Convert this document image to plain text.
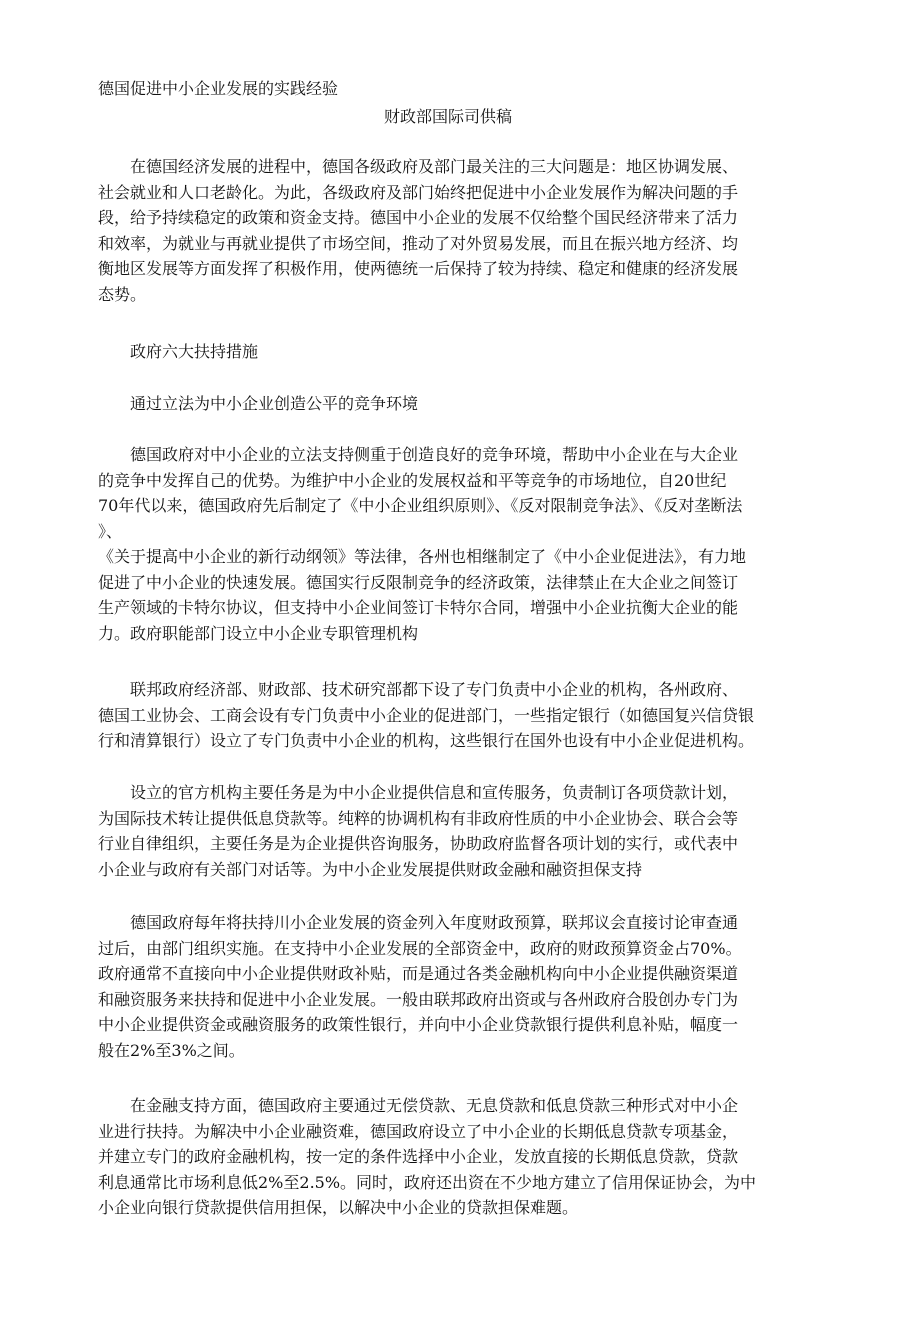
德国促进中小企业发展的实践经验
财政部国际司供稿
　　在德国经济发展的进程中，德国各级政府及部门最关注的三大问题是：地区协调发展、
社会就业和人口老龄化。为此，各级政府及部门始终把促进中小企业发展作为解决问题的手
段，给予持续稳定的政策和资金支持。德国中小企业的发展不仅给整个国民经济带来了活力
和效率，为就业与再就业提供了市场空间，推动了对外贸易发展，而且在振兴地方经济、均
衡地区发展等方面发挥了积极作用，使两德统一后保持了较为持续、稳定和健康的经济发展
态势。
政府六大扶持措施
通过立法为中小企业创造公平的竞争环境
　　德国政府对中小企业的立法支持侧重于创造良好的竞争环境，帮助中小企业在与大企业
的竞争中发挥自己的优势。为维护中小企业的发展权益和平等竞争的市场地位，自20世纪
70年代以来，德国政府先后制定了《中小企业组织原则》、《反对限制竞争法》、《反对垄断法
》、
《关于提高中小企业的新行动纲领》等法律，各州也相继制定了《中小企业促进法》，有力地
促进了中小企业的快速发展。德国实行反限制竞争的经济政策，法律禁止在大企业之间签订
生产领域的卡特尔协议，但支持中小企业间签订卡特尔合同，增强中小企业抗衡大企业的能
力。政府职能部门设立中小企业专职管理机构
　　联邦政府经济部、财政部、技术研究部都下设了专门负责中小企业的机构，各州政府、
德国工业协会、工商会设有专门负责中小企业的促进部门，一些指定银行（如德国复兴信贷银
行和清算银行）设立了专门负责中小企业的机构，这些银行在国外也设有中小企业促进机构。
　　设立的官方机构主要任务是为中小企业提供信息和宣传服务，负责制订各项贷款计划，
为国际技术转让提供低息贷款等。纯粹的协调机构有非政府性质的中小企业协会、联合会等
行业自律组织，主要任务是为企业提供咨询服务，协助政府监督各项计划的实行，或代表中
小企业与政府有关部门对话等。为中小企业发展提供财政金融和融资担保支持
　　德国政府每年将扶持川小企业发展的资金列入年度财政预算，联邦议会直接讨论审查通
过后，由部门组织实施。在支持中小企业发展的全部资金中，政府的财政预算资金占70%。
政府通常不直接向中小企业提供财政补贴，而是通过各类金融机构向中小企业提供融资渠道
和融资服务来扶持和促进中小企业发展。一般由联邦政府出资或与各州政府合股创办专门为
中小企业提供资金或融资服务的政策性银行，并向中小企业贷款银行提供利息补贴，幅度一
般在2%至3%之间。
　　在金融支持方面，德国政府主要通过无偿贷款、无息贷款和低息贷款三种形式对中小企
业进行扶持。为解决中小企业融资难，德国政府设立了中小企业的长期低息贷款专项基金，
并建立专门的政府金融机构，按一定的条件选择中小企业，发放直接的长期低息贷款，贷款
利息通常比市场利息低2%至2.5%。同时，政府还出资在不少地方建立了信用保证协会，为中
小企业向银行贷款提供信用担保，以解决中小企业的贷款担保难题。
